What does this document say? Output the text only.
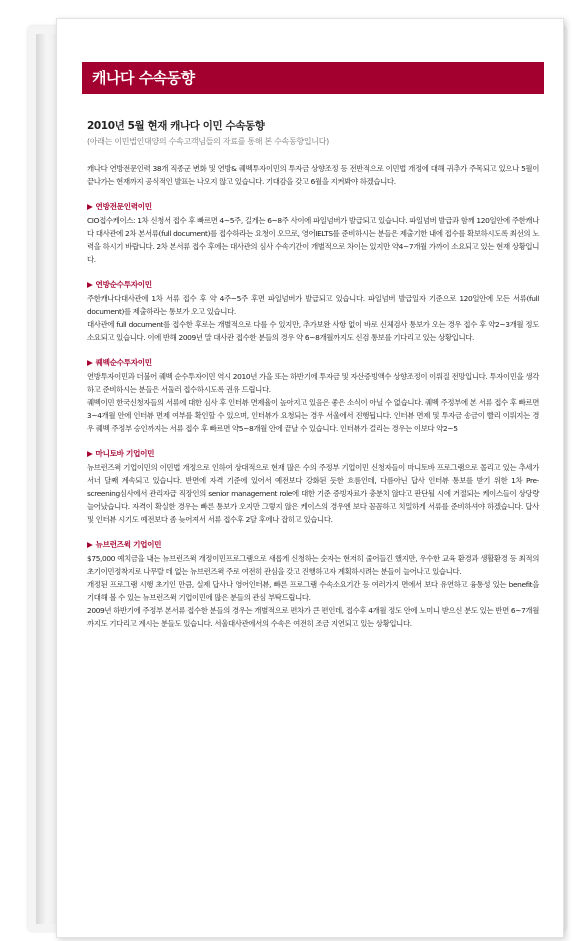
캐나다 수속동향

2010년 5월 현재 캐나다 이민 수속동향

(아래는 이민법인대양의 수속고객님들의 자료를 통해 본 수속동향입니다)

캐나다 연방전문인력 38개 직종군 변화 및 연방& 퀘벡투자이민의 투자금 상향조정 등 전반적으로 이민법 개정에 대해 귀추가 주목되고 있으나 5월이 끝나가는 현재까지 공식적인 발표는 나오지 않고 있습니다. 기대감을 갖고 6월을 지켜봐야 하겠습니다.

▶ 연방전문인력이민

CIO접수케이스: 1차 신청서 접수 후 빠르면 4~5주, 길게는 6~8주 사이에 파일넘버가 발급되고 있습니다. 파일넘버 발급과 함께 120일안에 주한캐나다 대사관에 2차 본서류(full document)를 접수하라는 요청이 오므로, 영어IELTS를 준비하시는 분들은 제출기한 내에 접수를 확보하시도록 최선의 노력을 하시기 바랍니다. 2차 본서류 접수 후에는 대사관의 심사 수속기간이 개별적으로 차이는 있지만 약4~7개월 가까이 소요되고 있는 현재 상황입니다.

▶ 연방순수투자이민

주한캐나다대사관에 1차 서류 접수 후 약 4주~5주 후면 파일넘버가 발급되고 있습니다. 파일넘버 발급일자 기준으로 120일안에 모든 서류(full document)를 제출하라는 통보가 오고 있습니다.

대사관에 full document를 접수한 후로는 개별적으로 다를 수 있지만, 추가보완 사항 없이 바로 신체검사 통보가 오는 경우 접수 후 약2~3개월 정도 소요되고 있습니다. 이에 반해 2009년 말 대사관 접수한 분들의 경우 약 6~8개월까지도 신검 통보를 기다리고 있는 상황입니다.

▶ 퀘벡순수투자이민

연방투자이민과 더불어 퀘벡 순수투자이민 역시 2010년 가을 또는 하반기에 투자금 및 자산증빙액수 상향조정이 이뤄질 전망입니다. 투자이민을 생각하고 준비하시는 분들은 서둘러 접수하시도록 권유 드립니다.

퀘벡이민 한국신청자들의 서류에 대한 심사 후 인터뷰 면제율이 높아지고 있음은 좋은 소식이 아닐 수 없습니다. 퀘벡 주정부에 본 서류 접수 후 빠르면 3~4개월 안에 인터뷰 면제 여부를 확인할 수 있으며, 인터뷰가 요청되는 경우 서울에서 진행됩니다. 인터뷰 면제 및 투자금 송금이 빨리 이뤄지는 경우 퀘벡 주정부 승인까지는 서류 접수 후 빠르면 약5~8개월 안에 끝날 수 있습니다. 인터뷰가 걸리는 경우는 이보다 약2~5

▶ 마니토바 기업이민

뉴브런즈윅 기업이민의 이민법 개정으로 인하여 상대적으로 현재 많은 수의 주정부 기업이민 신청자들이 마니토바 프로그램으로 몰리고 있는 추세가 서너 달째 계속되고 있습니다. 반면에 자격 기준에 있어서 예전보다 강화된 듯한 흐름인데, 다름아닌 답사 인터뷰 통보를 받기 위한 1차 Pre-screening심사에서 관리자급 직장인의 senior management role에 대한 기준 증빙자료가 충분치 않다고 판단될 시에 거절되는 케이스들이 상당량 늘어났습니다. 자격이 확실한 경우는 빠른 통보가 오지만 그렇지 않은 케이스의 경우엔 보다 꼼꼼하고 치밀하게 서류를 준비하셔야 하겠습니다. 답사 및 인터뷰 시기도 예전보다 좀 늦어져서 서류 접수후 2달 후에나 잡히고 있습니다.

▶ 뉴브런즈윅 기업이민

$75,000 예치금을 내는 뉴브런즈윅 개정이민프로그램으로 새롭게 신청하는 숫자는 현저히 줄어들긴 했지만, 우수한 교육 환경과 생활환경 등 최적의 초기이민정착지로 나무랄 데 없는 뉴브런즈윅 주로 여전히 관심을 갖고 진행하고자 계획하시려는 분들이 늘어나고 있습니다.

개정된 프로그램 시행 초기인 만큼, 실제 답사나 영어인터뷰, 빠른 프로그램 수속소요기간 등 여러가지 면에서 보다 유연하고 융통성 있는 benefit을 기대해 볼 수 있는 뉴브런즈윅 기업이민에 많은 분들의 관심 부탁드립니다.

2009년 하반기에 주정부 본서류 접수한 분들의 경우는 개별적으로 편차가 큰 편인데, 접수후 4개월 정도 안에 노미니 받으신 분도 있는 반면 6~7개월까지도 기다리고 계시는 분들도 있습니다. 서울대사관에서의 수속은 여전히 조금 지연되고 있는 상황입니다.
